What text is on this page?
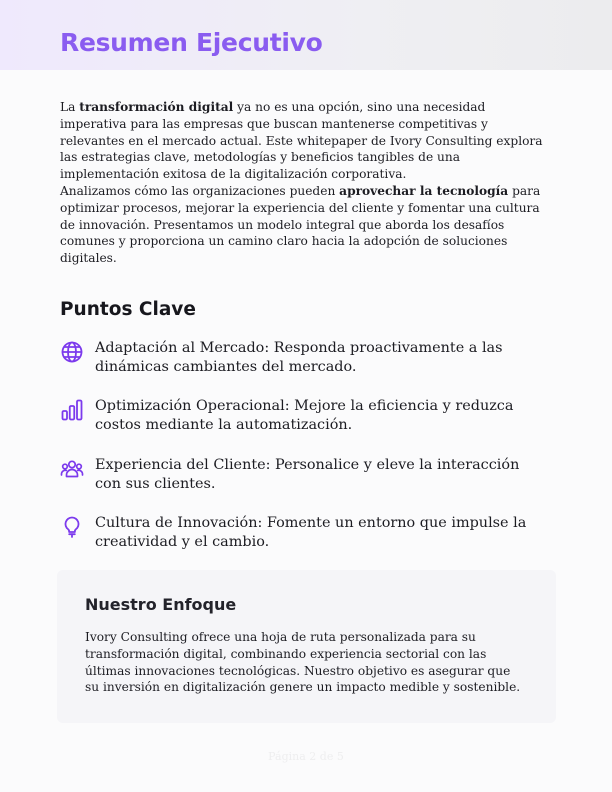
Resumen Ejecutivo

La transformación digital ya no es una opción, sino una necesidad imperativa para las empresas que buscan mantenerse competitivas y relevantes en el mercado actual. Este whitepaper de Ivory Consulting explora las estrategias clave, metodologías y beneficios tangibles de una implementación exitosa de la digitalización corporativa.

Analizamos cómo las organizaciones pueden aprovechar la tecnología para optimizar procesos, mejorar la experiencia del cliente y fomentar una cultura de innovación. Presentamos un modelo integral que aborda los desafíos comunes y proporciona un camino claro hacia la adopción de soluciones digitales.

Puntos Clave
Adaptación al Mercado: Responda proactivamente a las dinámicas cambiantes del mercado.
Optimización Operacional: Mejore la eficiencia y reduzca costos mediante la automatización.
Experiencia del Cliente: Personalice y eleve la interacción con sus clientes.
Cultura de Innovación: Fomente un entorno que impulse la creatividad y el cambio.
Nuestro Enfoque

Ivory Consulting ofrece una hoja de ruta personalizada para su transformación digital, combinando experiencia sectorial con las últimas innovaciones tecnológicas. Nuestro objetivo es asegurar que su inversión en digitalización genere un impacto medible y sostenible.

Página 2 de 5
